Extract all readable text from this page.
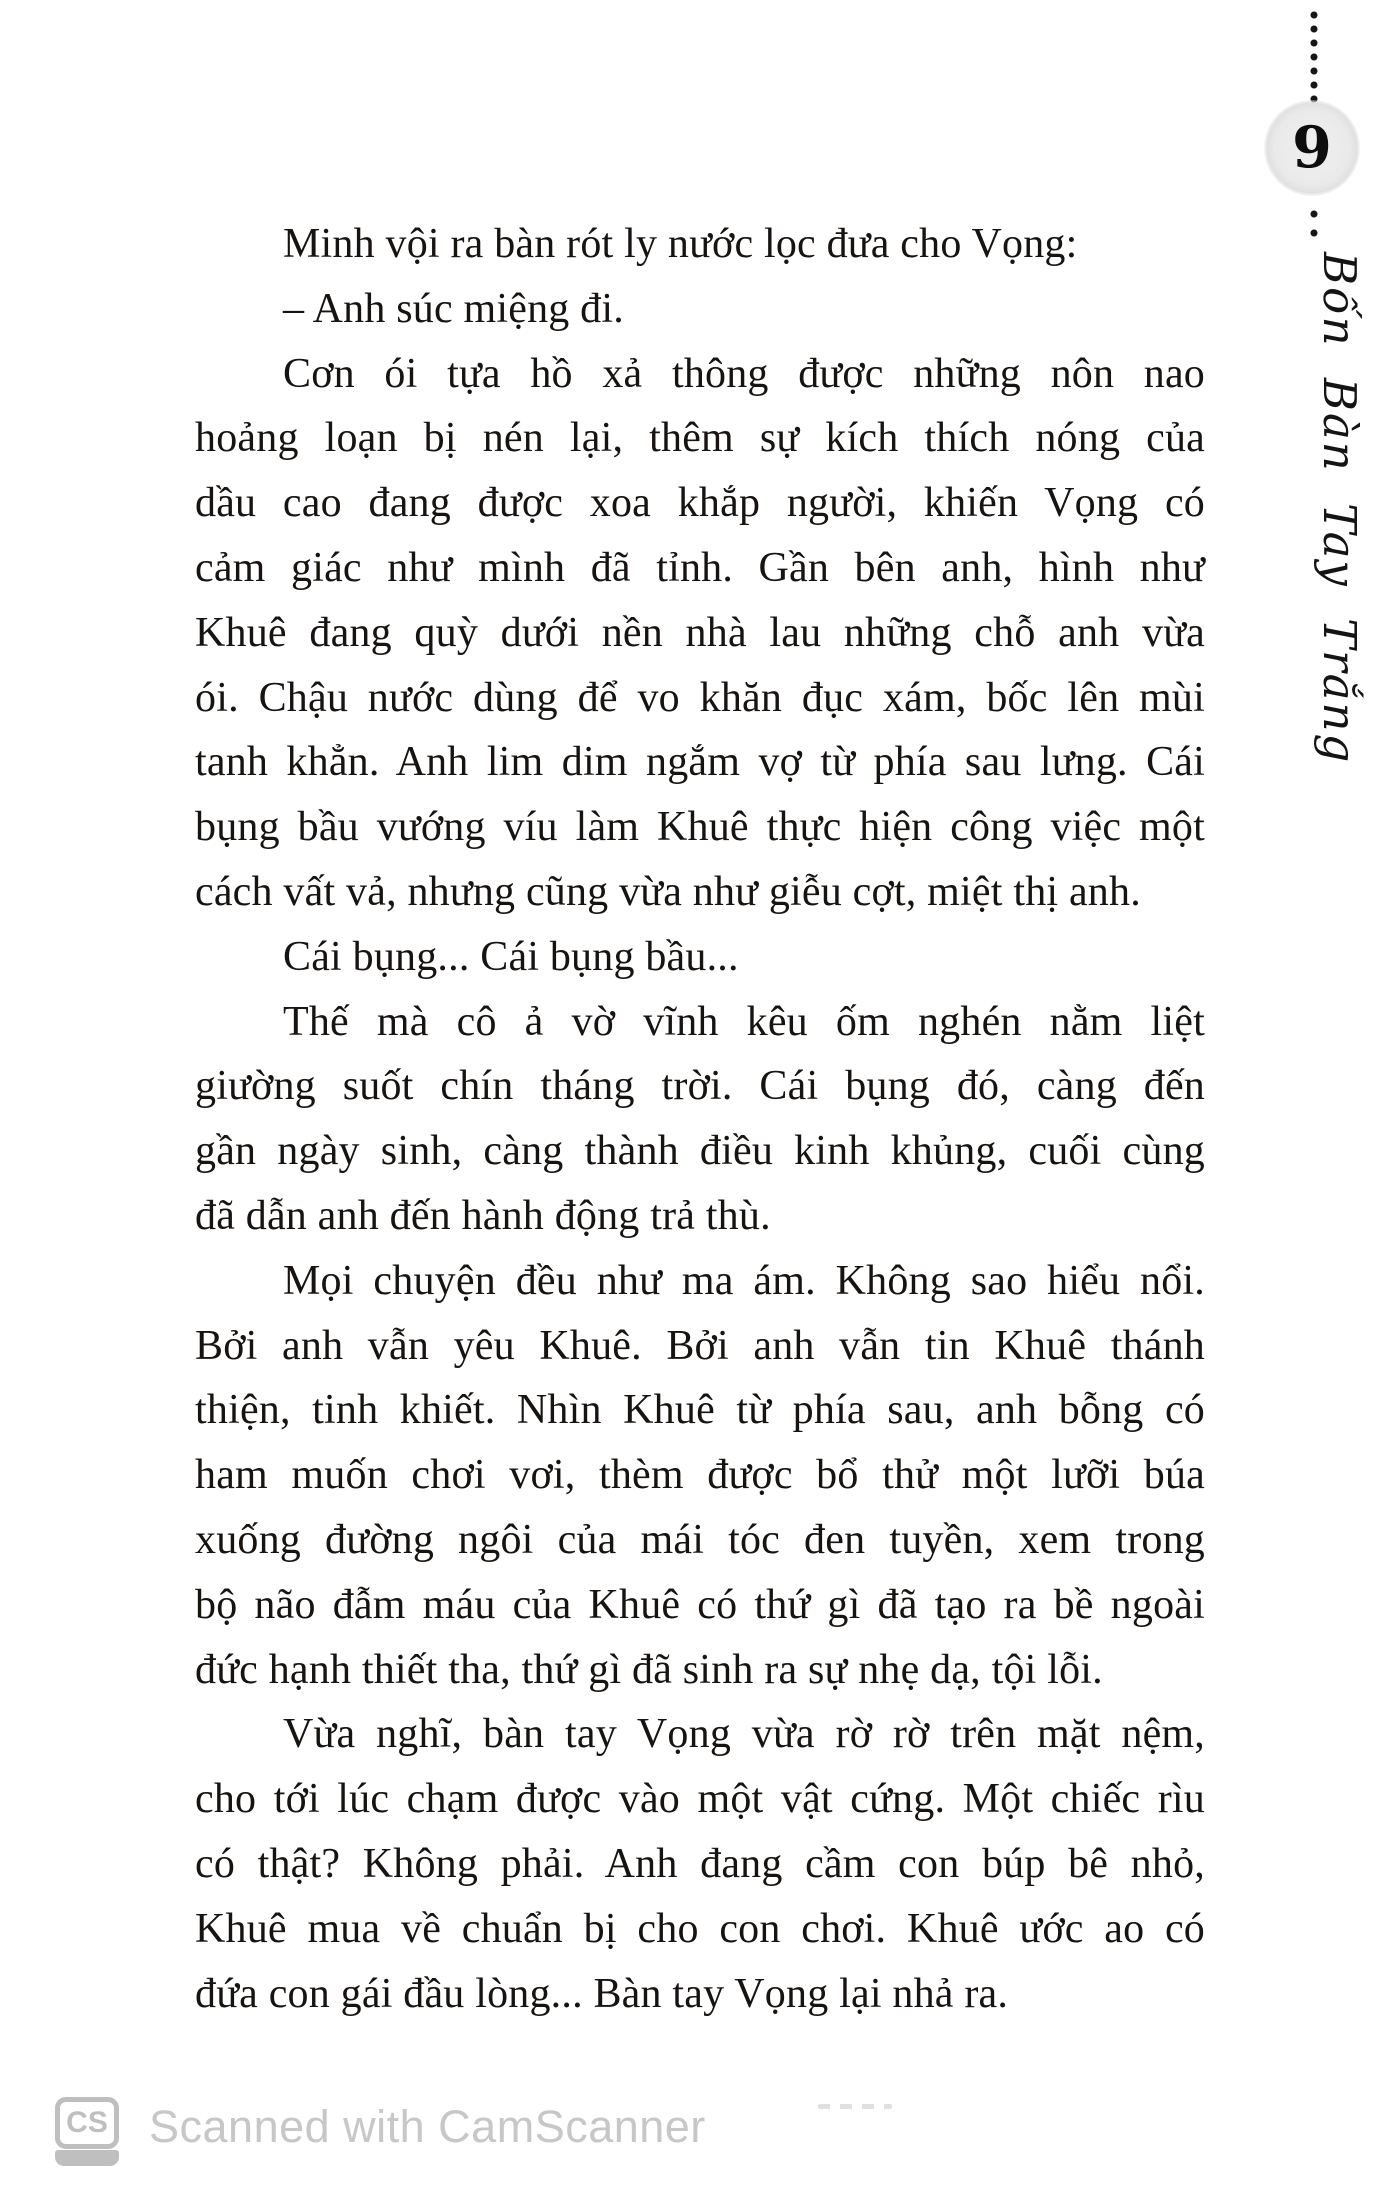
Minh vội ra bàn rót ly nước lọc đưa cho Vọng:
– Anh súc miệng đi.
Cơn ói tựa hồ xả thông được những nôn nao
hoảng loạn bị nén lại, thêm sự kích thích nóng của
dầu cao đang được xoa khắp người, khiến Vọng có
cảm giác như mình đã tỉnh. Gần bên anh, hình như
Khuê đang quỳ dưới nền nhà lau những chỗ anh vừa
ói. Chậu nước dùng để vo khăn đục xám, bốc lên mùi
tanh khẳn. Anh lim dim ngắm vợ từ phía sau lưng. Cái
bụng bầu vướng víu làm Khuê thực hiện công việc một
cách vất vả, nhưng cũng vừa như giễu cợt, miệt thị anh.
Cái bụng... Cái bụng bầu...
Thế mà cô ả vờ vĩnh kêu ốm nghén nằm liệt
giường suốt chín tháng trời. Cái bụng đó, càng đến
gần ngày sinh, càng thành điều kinh khủng, cuối cùng
đã dẫn anh đến hành động trả thù.
Mọi chuyện đều như ma ám. Không sao hiểu nổi.
Bởi anh vẫn yêu Khuê. Bởi anh vẫn tin Khuê thánh
thiện, tinh khiết. Nhìn Khuê từ phía sau, anh bỗng có
ham muốn chơi vơi, thèm được bổ thử một lưỡi búa
xuống đường ngôi của mái tóc đen tuyền, xem trong
bộ não đẫm máu của Khuê có thứ gì đã tạo ra bề ngoài
đức hạnh thiết tha, thứ gì đã sinh ra sự nhẹ dạ, tội lỗi.
Vừa nghĩ, bàn tay Vọng vừa rờ rờ trên mặt nệm,
cho tới lúc chạm được vào một vật cứng. Một chiếc rìu
có thật? Không phải. Anh đang cầm con búp bê nhỏ,
Khuê mua về chuẩn bị cho con chơi. Khuê ước ao có
đứa con gái đầu lòng... Bàn tay Vọng lại nhả ra.
9
Bốn Bàn Tay Trắng
CS Scanned with CamScanner
